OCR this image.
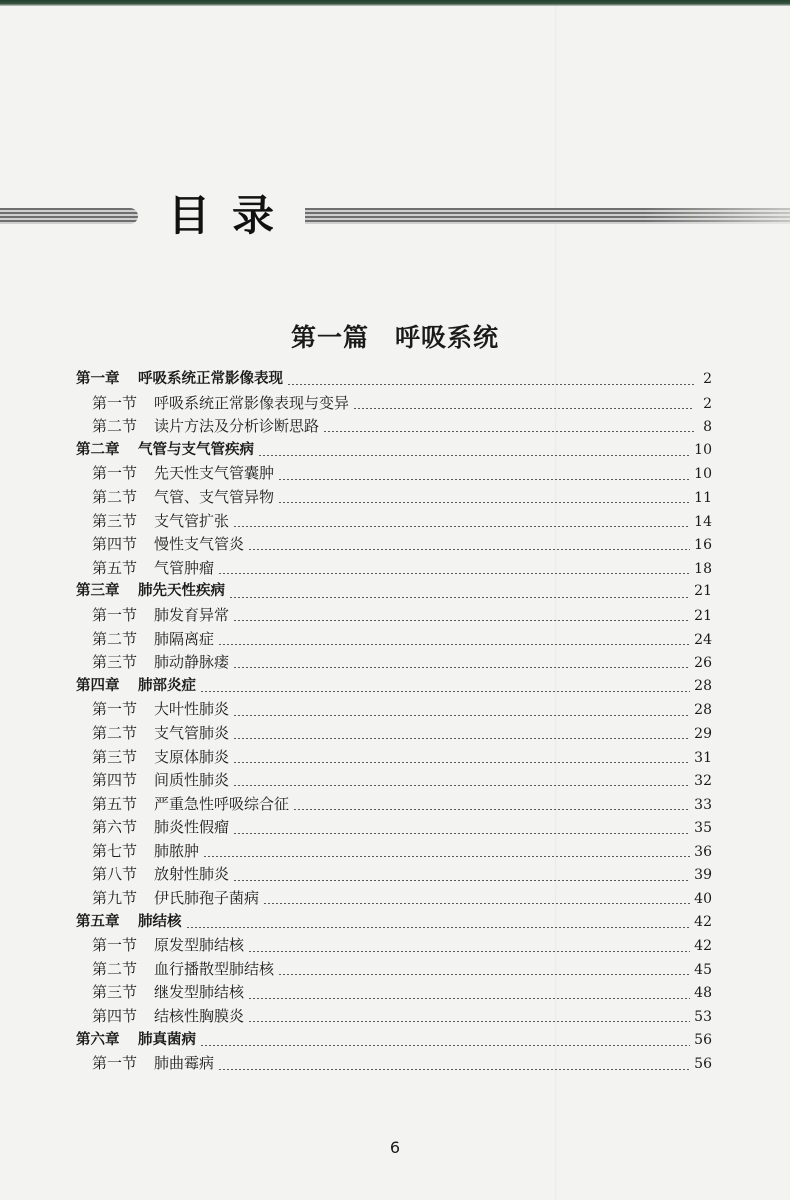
目录
第一篇　呼吸系统
第一章	呼吸系统正常影像表现	2
第一节	呼吸系统正常影像表现与变异	2
第二节	读片方法及分析诊断思路	8
第二章	气管与支气管疾病	10
第一节	先天性支气管囊肿	10
第二节	气管、支气管异物	11
第三节	支气管扩张	14
第四节	慢性支气管炎	16
第五节	气管肿瘤	18
第三章	肺先天性疾病	21
第一节	肺发育异常	21
第二节	肺隔离症	24
第三节	肺动静脉瘘	26
第四章	肺部炎症	28
第一节	大叶性肺炎	28
第二节	支气管肺炎	29
第三节	支原体肺炎	31
第四节	间质性肺炎	32
第五节	严重急性呼吸综合征	33
第六节	肺炎性假瘤	35
第七节	肺脓肿	36
第八节	放射性肺炎	39
第九节	伊氏肺孢子菌病	40
第五章	肺结核	42
第一节	原发型肺结核	42
第二节	血行播散型肺结核	45
第三节	继发型肺结核	48
第四节	结核性胸膜炎	53
第六章	肺真菌病	56
第一节	肺曲霉病	56
6
